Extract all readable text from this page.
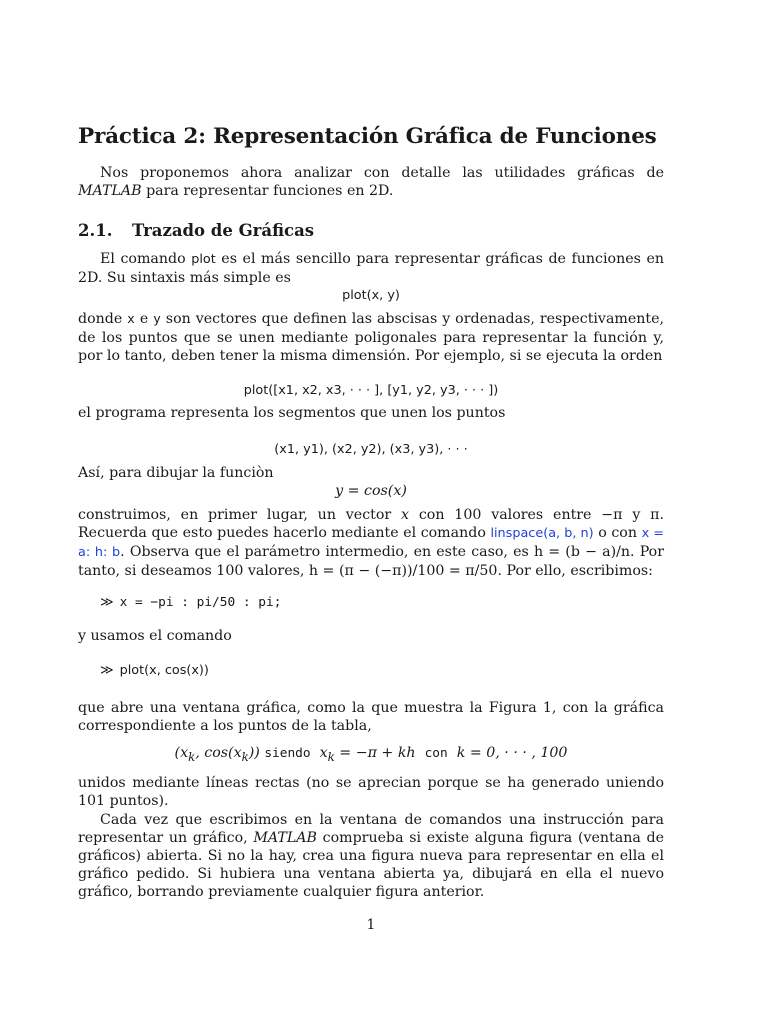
Práctica 2: Representación Gráfica de Funciones

Nos proponemos ahora analizar con detalle las utilidades gráficas de MATLAB para representar funciones en 2D.

2.1. Trazado de Gráficas

El comando plot es el más sencillo para representar gráficas de funciones en 2D. Su sintaxis más simple es

plot(x, y)

donde x e y son vectores que definen las abscisas y ordenadas, respectivamente, de los puntos que se unen mediante poligonales para representar la función y, por lo tanto, deben tener la misma dimensión. Por ejemplo, si se ejecuta la orden

plot([x1, x2, x3, · · · ], [y1, y2, y3, · · · ])

el programa representa los segmentos que unen los puntos

(x1, y1), (x2, y2), (x3, y3), · · ·

Así, para dibujar la funciòn

y = cos(x)

construimos, en primer lugar, un vector x con 100 valores entre −π y π. Recuerda que esto puedes hacerlo mediante el comando linspace(a, b, n) o con x = a: h: b. Observa que el parámetro intermedio, en este caso, es h = (b − a)/n. Por tanto, si deseamos 100 valores, h = (π − (−π))/100 = π/50. Por ello, escribimos:

≫ x = −pi : pi/50 : pi;

y usamos el comando

≫ plot(x, cos(x))

que abre una ventana gráfica, como la que muestra la Figura 1, con la gráfica correspondiente a los puntos de la tabla,

($x_k$, $\cos(x_k)$) siendo $x_k = -\pi$ + kh con k = 0, · · · , 100

unidos mediante líneas rectas (no se aprecian porque se ha generado uniendo 101 puntos).

Cada vez que escribimos en la ventana de comandos una instrucción para representar un gráfico, MATLAB comprueba si existe alguna figura (ventana de gráficos) abierta. Si no la hay, crea una figura nueva para representar en ella el gráfico pedido. Si hubiera una ventana abierta ya, dibujará en ella el nuevo gráfico, borrando previamente cualquier figura anterior.

1
